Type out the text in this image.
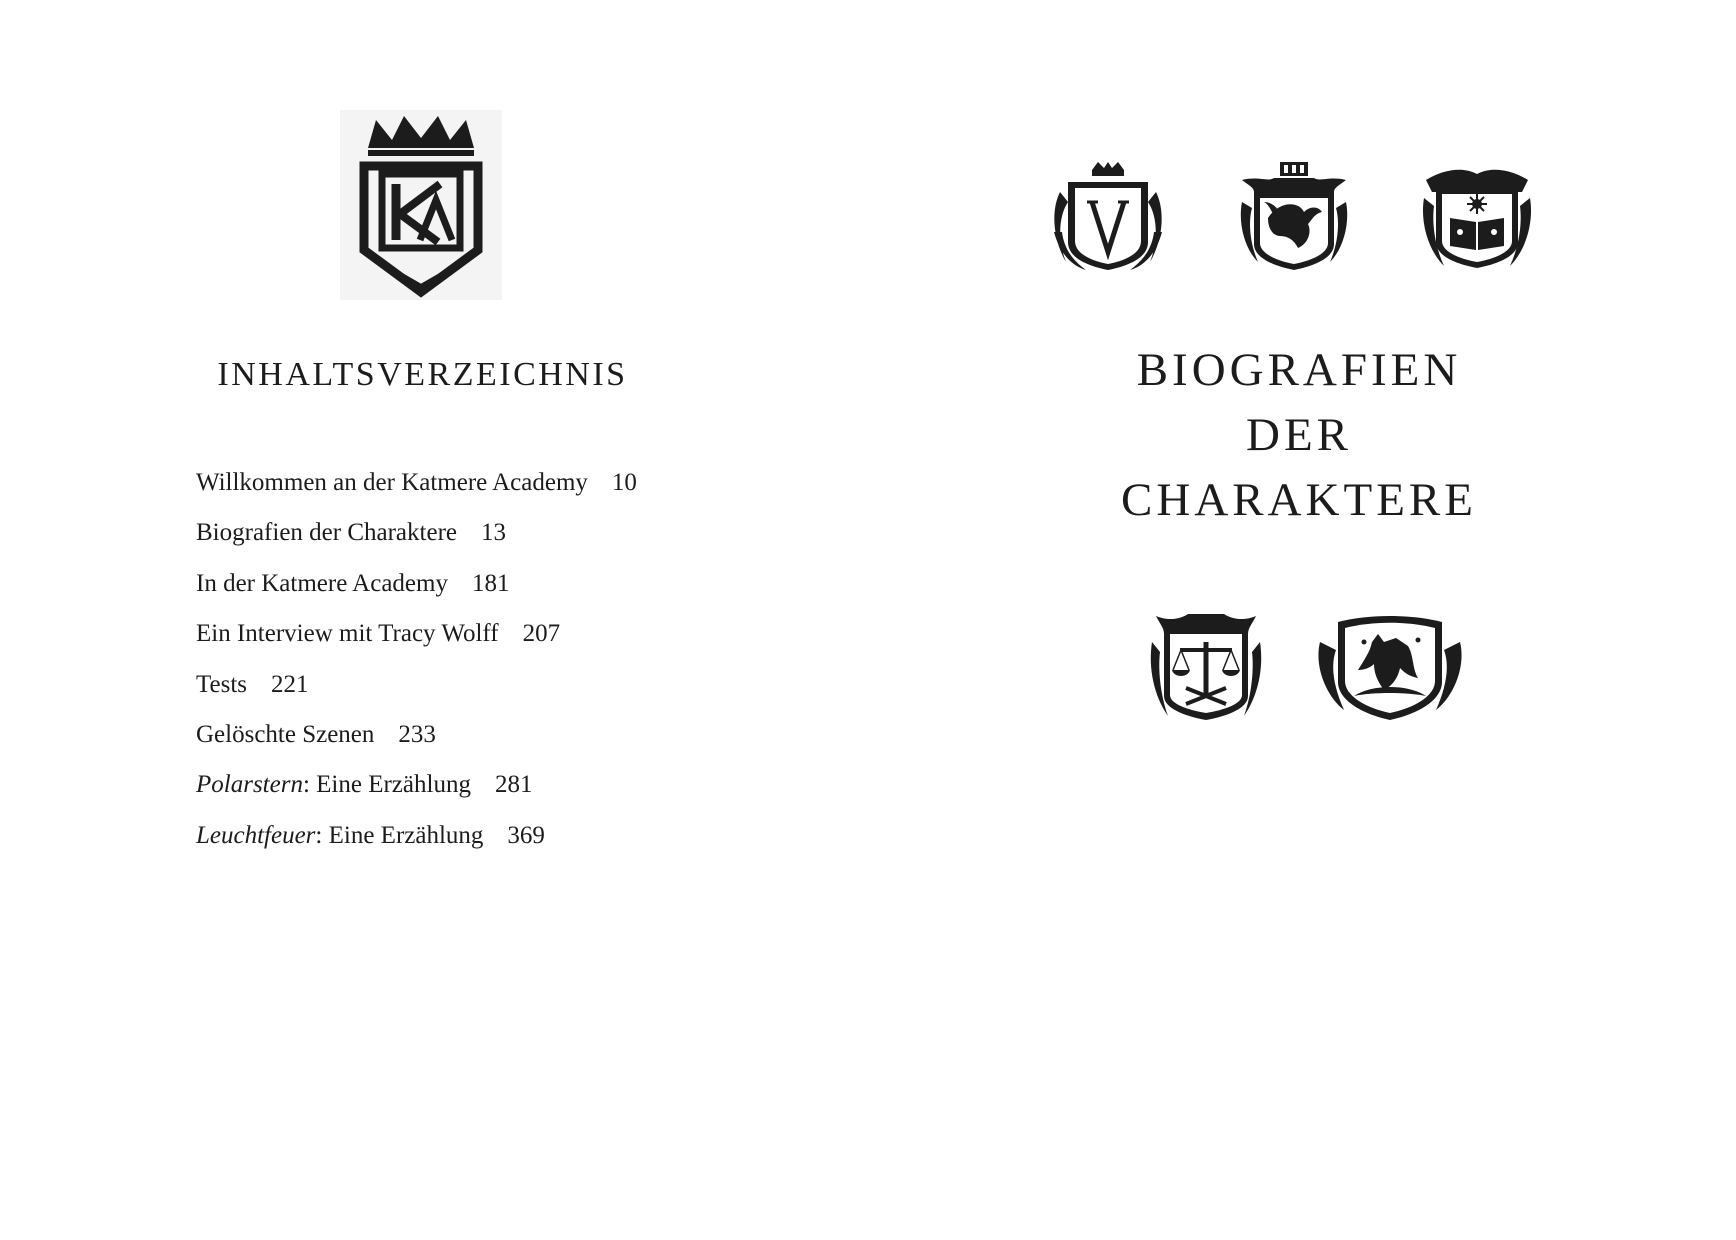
INHALTSVERZEICHNIS
Willkommen an der Katmere Academy 10
Biografien der Charaktere 13
In der Katmere Academy 181
Ein Interview mit Tracy Wolff 207
Tests 221
Gelöschte Szenen 233
Polarstern: Eine Erzählung 281
Leuchtfeuer: Eine Erzählung 369
BIOGRAFIEN
DER
CHARAKTERE
